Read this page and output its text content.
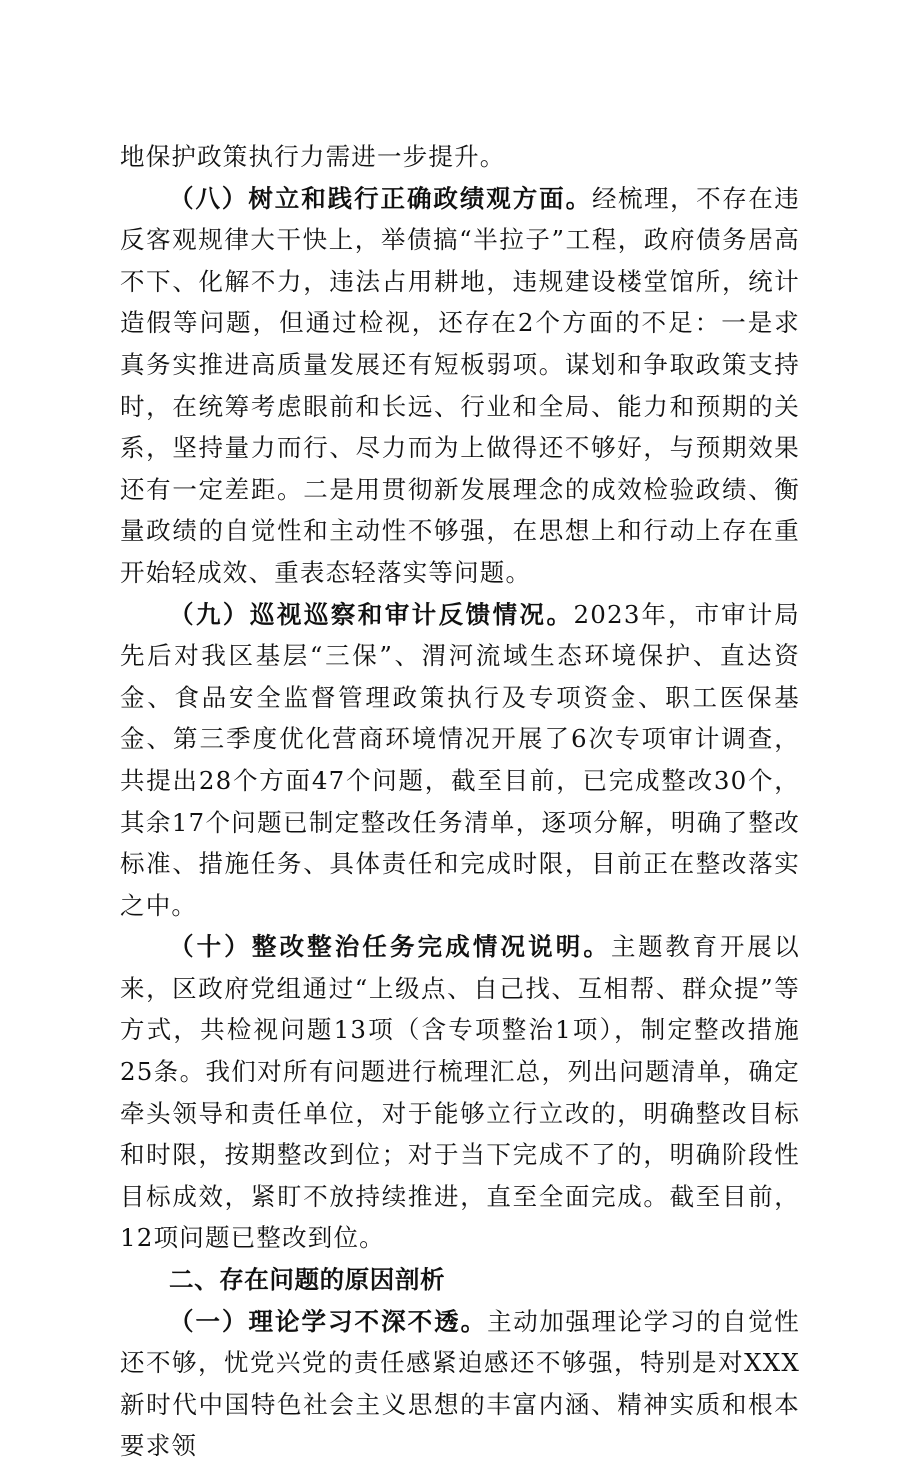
地保护政策执行力需进一步提升。

（八）树立和践行正确政绩观方面。经梳理，不存在违反客观规律大干快上，举债搞“半拉子”工程，政府债务居高不下、化解不力，违法占用耕地，违规建设楼堂馆所，统计造假等问题，但通过检视，还存在2个方面的不足：一是求真务实推进高质量发展还有短板弱项。谋划和争取政策支持时，在统筹考虑眼前和长远、行业和全局、能力和预期的关系，坚持量力而行、尽力而为上做得还不够好，与预期效果还有一定差距。二是用贯彻新发展理念的成效检验政绩、衡量政绩的自觉性和主动性不够强，在思想上和行动上存在重开始轻成效、重表态轻落实等问题。

（九）巡视巡察和审计反馈情况。2023年，市审计局先后对我区基层“三保”、渭河流域生态环境保护、直达资金、食品安全监督管理政策执行及专项资金、职工医保基金、第三季度优化营商环境情况开展了6次专项审计调查，共提出28个方面47个问题，截至目前，已完成整改30个，其余17个问题已制定整改任务清单，逐项分解，明确了整改标准、措施任务、具体责任和完成时限，目前正在整改落实之中。

（十）整改整治任务完成情况说明。主题教育开展以来，区政府党组通过“上级点、自己找、互相帮、群众提”等方式，共检视问题13项（含专项整治1项），制定整改措施25条。我们对所有问题进行梳理汇总，列出问题清单，确定牵头领导和责任单位，对于能够立行立改的，明确整改目标和时限，按期整改到位；对于当下完成不了的，明确阶段性目标成效，紧盯不放持续推进，直至全面完成。截至目前，12项问题已整改到位。

二、存在问题的原因剖析

（一）理论学习不深不透。主动加强理论学习的自觉性还不够，忧党兴党的责任感紧迫感还不够强，特别是对XXX新时代中国特色社会主义思想的丰富内涵、精神实质和根本要求领
